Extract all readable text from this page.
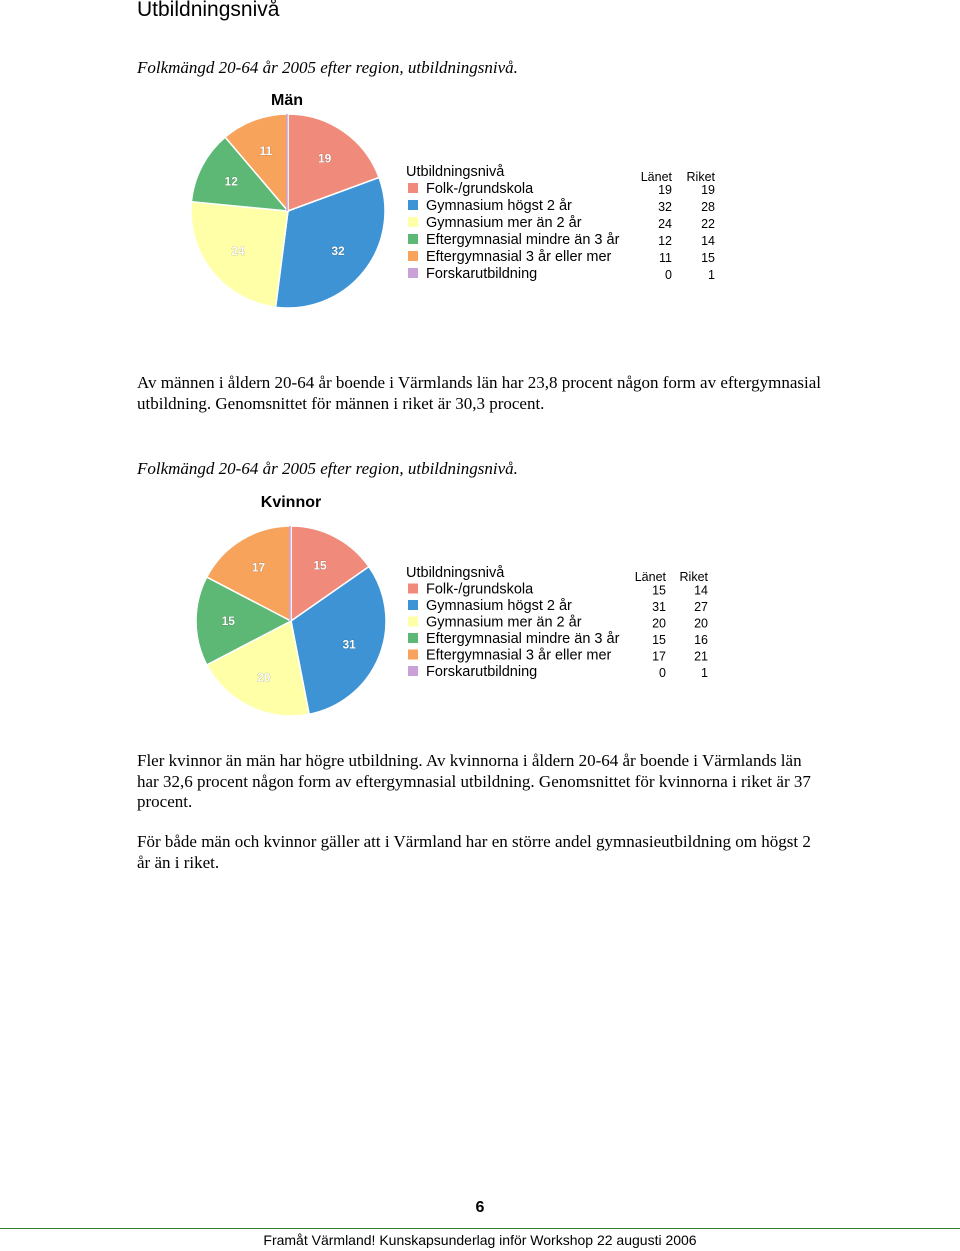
Utbildningsnivå
Folkmängd 20-64 år 2005 efter region, utbildningsnivå.
Män
19
32
24
12
11
Utbildningsnivå	Länet Riket
Folk-/grundskola	19 19
Gymnasium högst 2 år	32 28
Gymnasium mer än 2 år	24 22
Eftergymnasial mindre än 3 år	12 14
Eftergymnasial 3 år eller mer	11 15
Forskarutbildning	0	1
Av männen i åldern 20-64 år boende i Värmlands län har 23,8 procent någon form av eftergymnasial utbildning. Genomsnittet för männen i riket är 30,3 procent.
Folkmängd 20-64 år 2005 efter region, utbildningsnivå.
Kvinnor
15
31
20
15
17	Utbildningsnivå	Länet Riket
Folk-/grundskola	15 14
Gymnasium högst 2 år	31 27
Gymnasium mer än 2 år	20 20
Eftergymnasial mindre än 3 år	15 16
Eftergymnasial 3 år eller mer	17 21
Forskarutbildning	0	1
Fler kvinnor än män har högre utbildning. Av kvinnorna i åldern 20-64 år boende i Värmlands län har 32,6 procent någon form av eftergymnasial utbildning. Genomsnittet för kvinnorna i riket är 37 procent.
För både män och kvinnor gäller att i Värmland har en större andel gymnasieutbildning om högst 2 år än i riket.
6
Framåt Värmland! Kunskapsunderlag inför Workshop 22 augusti 2006
